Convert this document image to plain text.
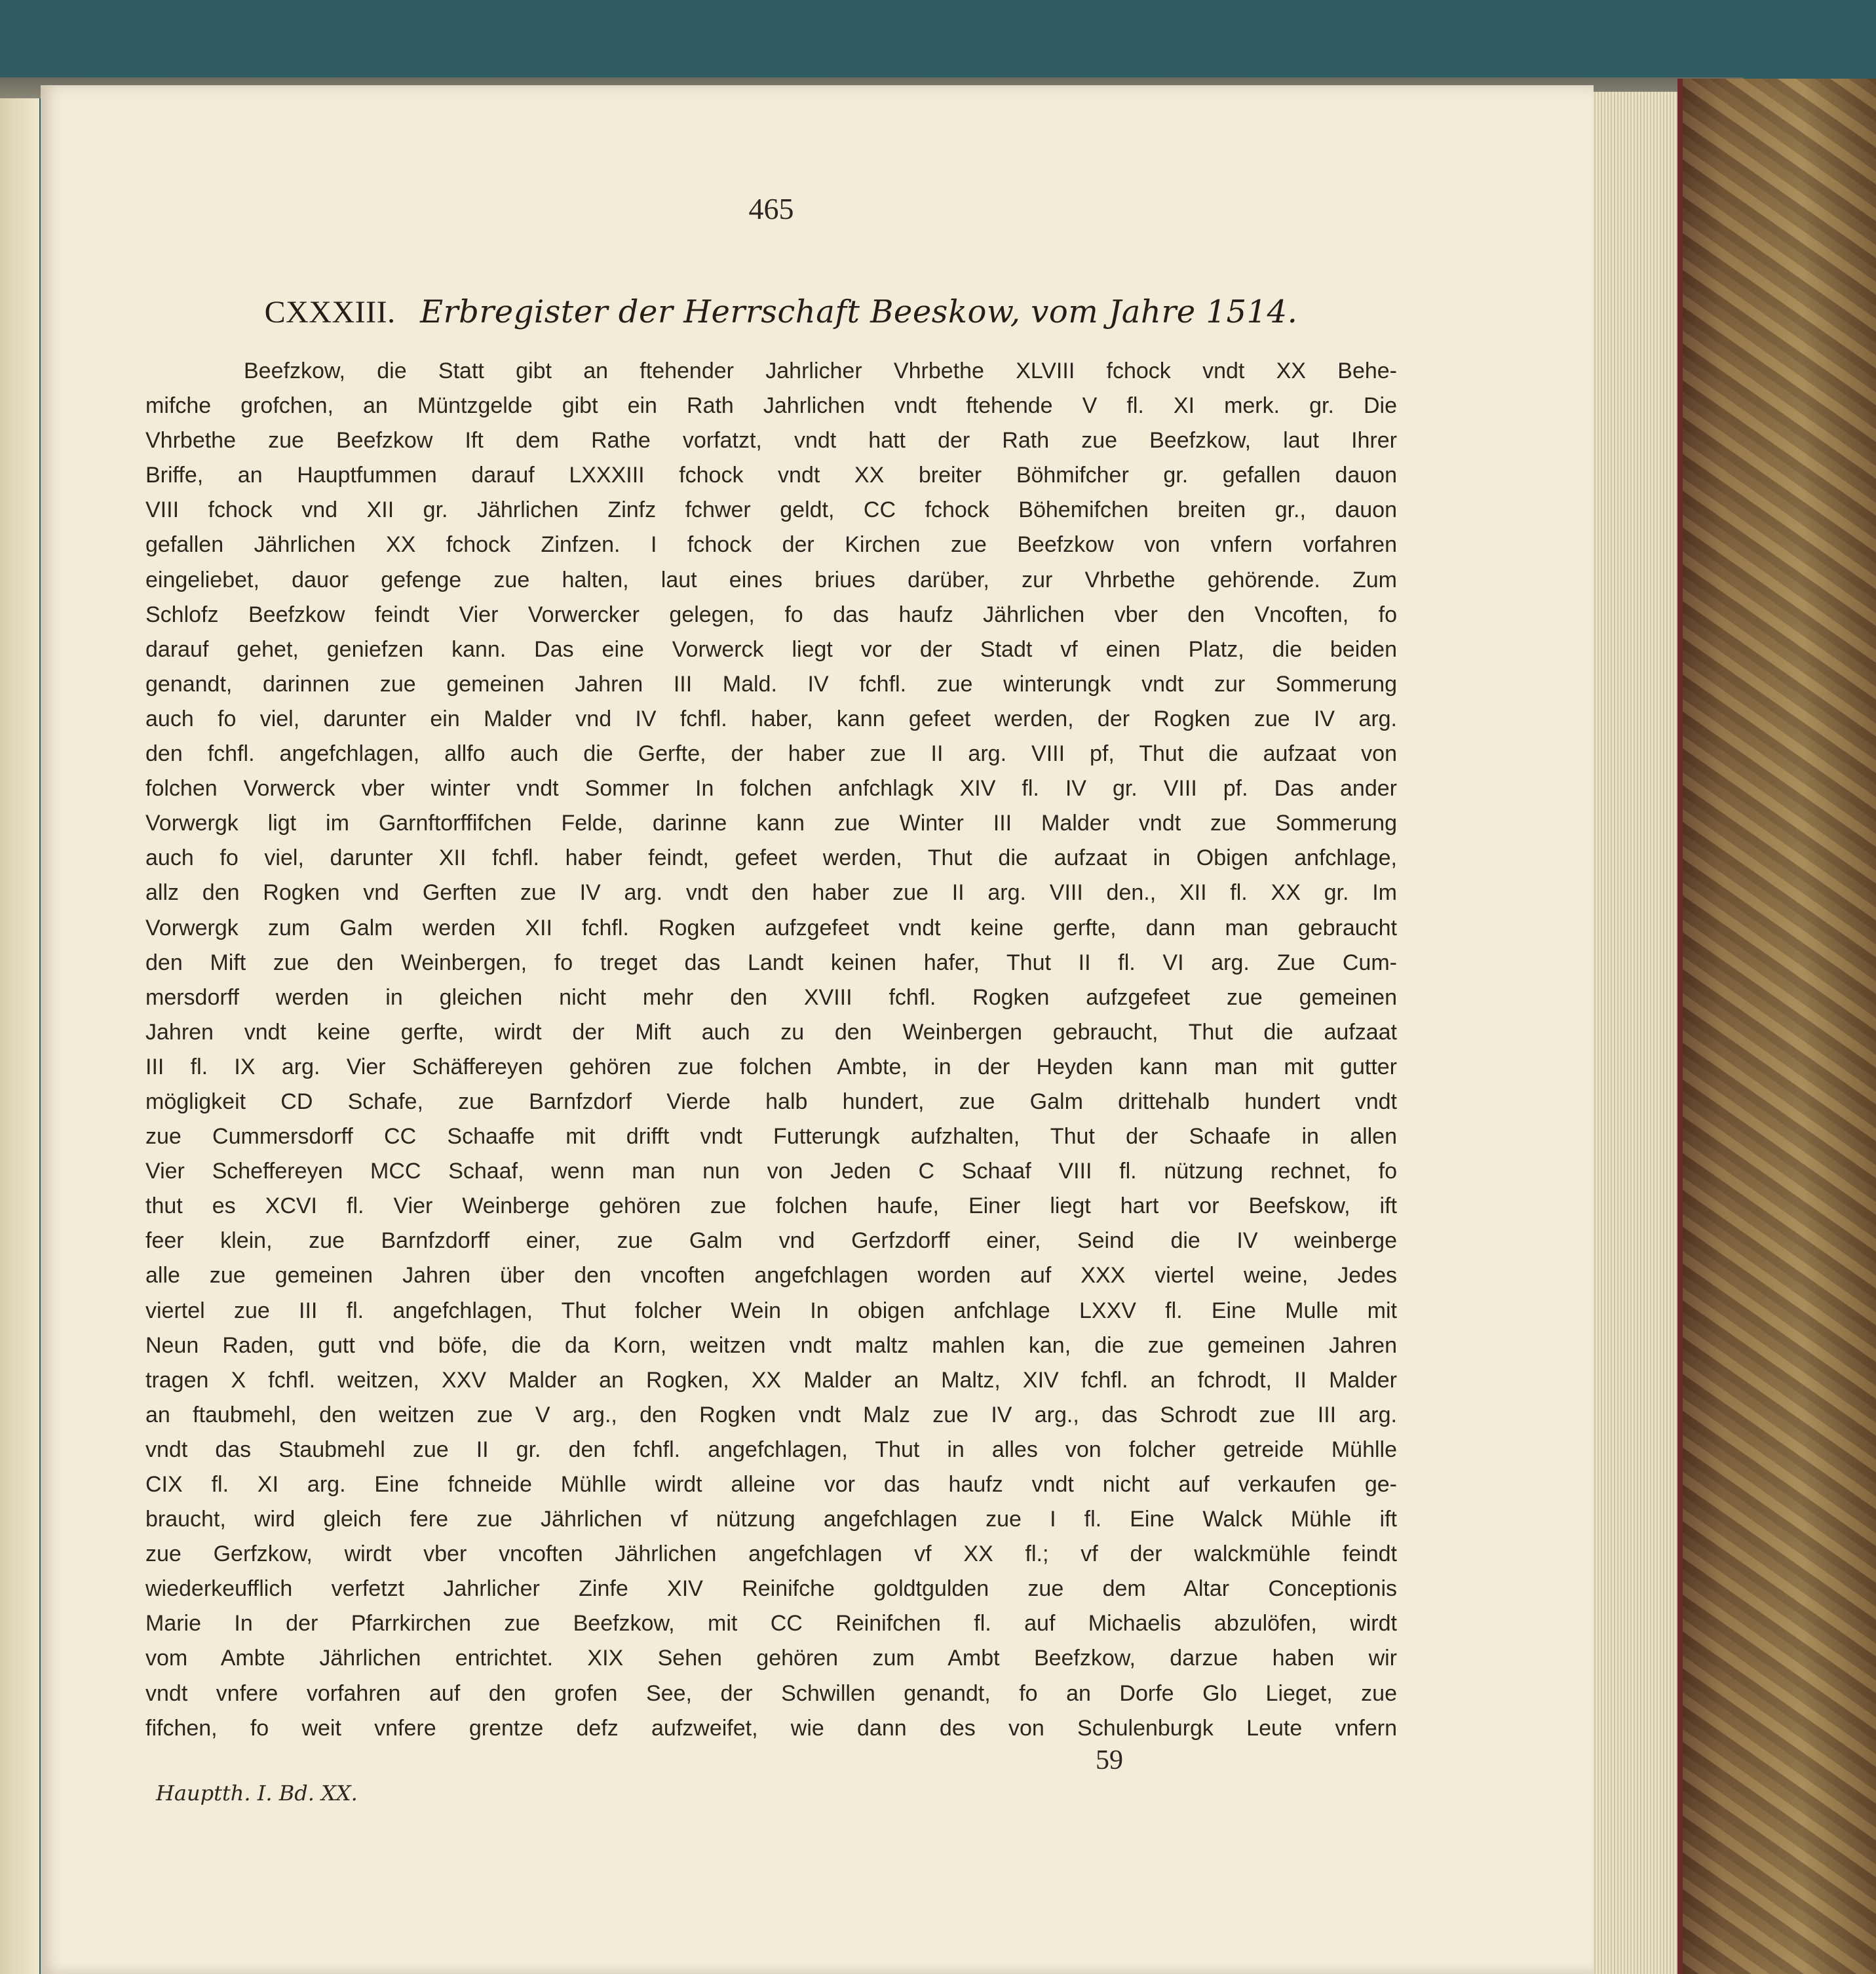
465
CXXXIII. Erbregister der Herrschaft Beeskow, vom Jahre 1514.
Beefzkow, die Statt gibt an ftehender Jahrlicher Vhrbethe XLVIII fchock vndt XX Behe-
mifche grofchen, an Müntzgelde gibt ein Rath Jahrlichen vndt ftehende V fl. XI merk. gr. Die
Vhrbethe zue Beefzkow Ift dem Rathe vorfatzt, vndt hatt der Rath zue Beefzkow, laut Ihrer
Briffe, an Hauptfummen darauf LXXXIII fchock vndt XX breiter Böhmifcher gr. gefallen dauon
VIII fchock vnd XII gr. Jährlichen Zinfz fchwer geldt, CC fchock Böhemifchen breiten gr., dauon
gefallen Jährlichen XX fchock Zinfzen. I fchock der Kirchen zue Beefzkow von vnfern vorfahren
eingeliebet, dauor gefenge zue halten, laut eines briues darüber, zur Vhrbethe gehörende. Zum
Schlofz Beefzkow feindt Vier Vorwercker gelegen, fo das haufz Jährlichen vber den Vncoften, fo
darauf gehet, geniefzen kann. Das eine Vorwerck liegt vor der Stadt vf einen Platz, die beiden
genandt, darinnen zue gemeinen Jahren III Mald. IV fchfl. zue winterungk vndt zur Sommerung
auch fo viel, darunter ein Malder vnd IV fchfl. haber, kann gefeet werden, der Rogken zue IV arg.
den fchfl. angefchlagen, allfo auch die Gerfte, der haber zue II arg. VIII pf, Thut die aufzaat von
folchen Vorwerck vber winter vndt Sommer In folchen anfchlagk XIV fl. IV gr. VIII pf. Das ander
Vorwergk ligt im Garnftorffifchen Felde, darinne kann zue Winter III Malder vndt zue Sommerung
auch fo viel, darunter XII fchfl. haber feindt, gefeet werden, Thut die aufzaat in Obigen anfchlage,
allz den Rogken vnd Gerften zue IV arg. vndt den haber zue II arg. VIII den., XII fl. XX gr. Im
Vorwergk zum Galm werden XII fchfl. Rogken aufzgefeet vndt keine gerfte, dann man gebraucht
den Mift zue den Weinbergen, fo treget das Landt keinen hafer, Thut II fl. VI arg. Zue Cum-
mersdorff werden in gleichen nicht mehr den XVIII fchfl. Rogken aufzgefeet zue gemeinen
Jahren vndt keine gerfte, wirdt der Mift auch zu den Weinbergen gebraucht, Thut die aufzaat
III fl. IX arg. Vier Schäffereyen gehören zue folchen Ambte, in der Heyden kann man mit gutter
mögligkeit CD Schafe, zue Barnfzdorf Vierde halb hundert, zue Galm drittehalb hundert vndt
zue Cummersdorff CC Schaaffe mit drifft vndt Futterungk aufzhalten, Thut der Schaafe in allen
Vier Scheffereyen MCC Schaaf, wenn man nun von Jeden C Schaaf VIII fl. nützung rechnet, fo
thut es XCVI fl. Vier Weinberge gehören zue folchen haufe, Einer liegt hart vor Beefskow, ift
feer klein, zue Barnfzdorff einer, zue Galm vnd Gerfzdorff einer, Seind die IV weinberge
alle zue gemeinen Jahren über den vncoften angefchlagen worden auf XXX viertel weine, Jedes
viertel zue III fl. angefchlagen, Thut folcher Wein In obigen anfchlage LXXV fl. Eine Mulle mit
Neun Raden, gutt vnd böfe, die da Korn, weitzen vndt maltz mahlen kan, die zue gemeinen Jahren
tragen X fchfl. weitzen, XXV Malder an Rogken, XX Malder an Maltz, XIV fchfl. an fchrodt, II Malder
an ftaubmehl, den weitzen zue V arg., den Rogken vndt Malz zue IV arg., das Schrodt zue III arg.
vndt das Staubmehl zue II gr. den fchfl. angefchlagen, Thut in alles von folcher getreide Mühlle
CIX fl. XI arg. Eine fchneide Mühlle wirdt alleine vor das haufz vndt nicht auf verkaufen ge-
braucht, wird gleich fere zue Jährlichen vf nützung angefchlagen zue I fl. Eine Walck Mühle ift
zue Gerfzkow, wirdt vber vncoften Jährlichen angefchlagen vf XX fl.; vf der walckmühle feindt
wiederkeufflich verfetzt Jahrlicher Zinfe XIV Reinifche goldtgulden zue dem Altar Conceptionis
Marie In der Pfarrkirchen zue Beefzkow, mit CC Reinifchen fl. auf Michaelis abzulöfen, wirdt
vom Ambte Jährlichen entrichtet. XIX Sehen gehören zum Ambt Beefzkow, darzue haben wir
vndt vnfere vorfahren auf den grofen See, der Schwillen genandt, fo an Dorfe Glo Lieget, zue
fifchen, fo weit vnfere grentze defz aufzweifet, wie dann des von Schulenburgk Leute vnfern
59
Hauptth. I. Bd. XX.
